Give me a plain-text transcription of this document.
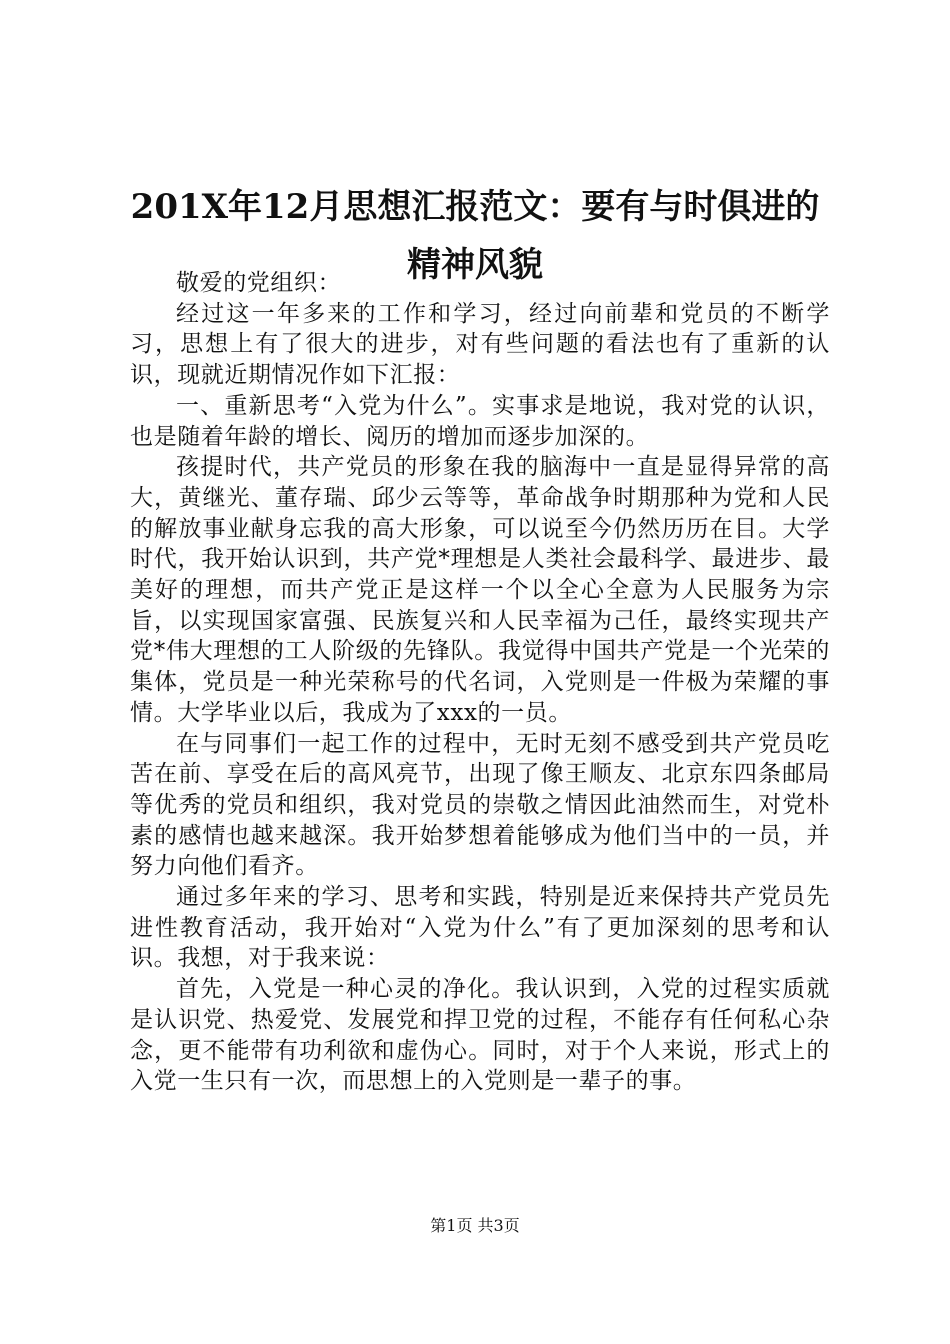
201X年12月思想汇报范文：要有与时俱进的
精神风貌

敬爱的党组织：

经过这一年多来的工作和学习，经过向前辈和党员的不断学习，思想上有了很大的进步，对有些问题的看法也有了重新的认识，现就近期情况作如下汇报：

一、重新思考“入党为什么”。实事求是地说，我对党的认识，也是随着年龄的增长、阅历的增加而逐步加深的。

孩提时代，共产党员的形象在我的脑海中一直是显得异常的高大，黄继光、董存瑞、邱少云等等，革命战争时期那种为党和人民的解放事业献身忘我的高大形象，可以说至今仍然历历在目。大学时代，我开始认识到，共产党*理想是人类社会最科学、最进步、最美好的理想，而共产党正是这样一个以全心全意为人民服务为宗旨，以实现国家富强、民族复兴和人民幸福为己任，最终实现共产党*伟大理想的工人阶级的先锋队。我觉得中国共产党是一个光荣的集体，党员是一种光荣称号的代名词，入党则是一件极为荣耀的事情。大学毕业以后，我成为了xxx的一员。

在与同事们一起工作的过程中，无时无刻不感受到共产党员吃苦在前、享受在后的高风亮节，出现了像王顺友、北京东四条邮局等优秀的党员和组织，我对党员的崇敬之情因此油然而生，对党朴素的感情也越来越深。我开始梦想着能够成为他们当中的一员，并努力向他们看齐。

通过多年来的学习、思考和实践，特别是近来保持共产党员先进性教育活动，我开始对“入党为什么”有了更加深刻的思考和认识。我想，对于我来说：

首先，入党是一种心灵的净化。我认识到，入党的过程实质就是认识党、热爱党、发展党和捍卫党的过程，不能存有任何私心杂念，更不能带有功利欲和虚伪心。同时，对于个人来说，形式上的入党一生只有一次，而思想上的入党则是一辈子的事。

第1页 共3页
